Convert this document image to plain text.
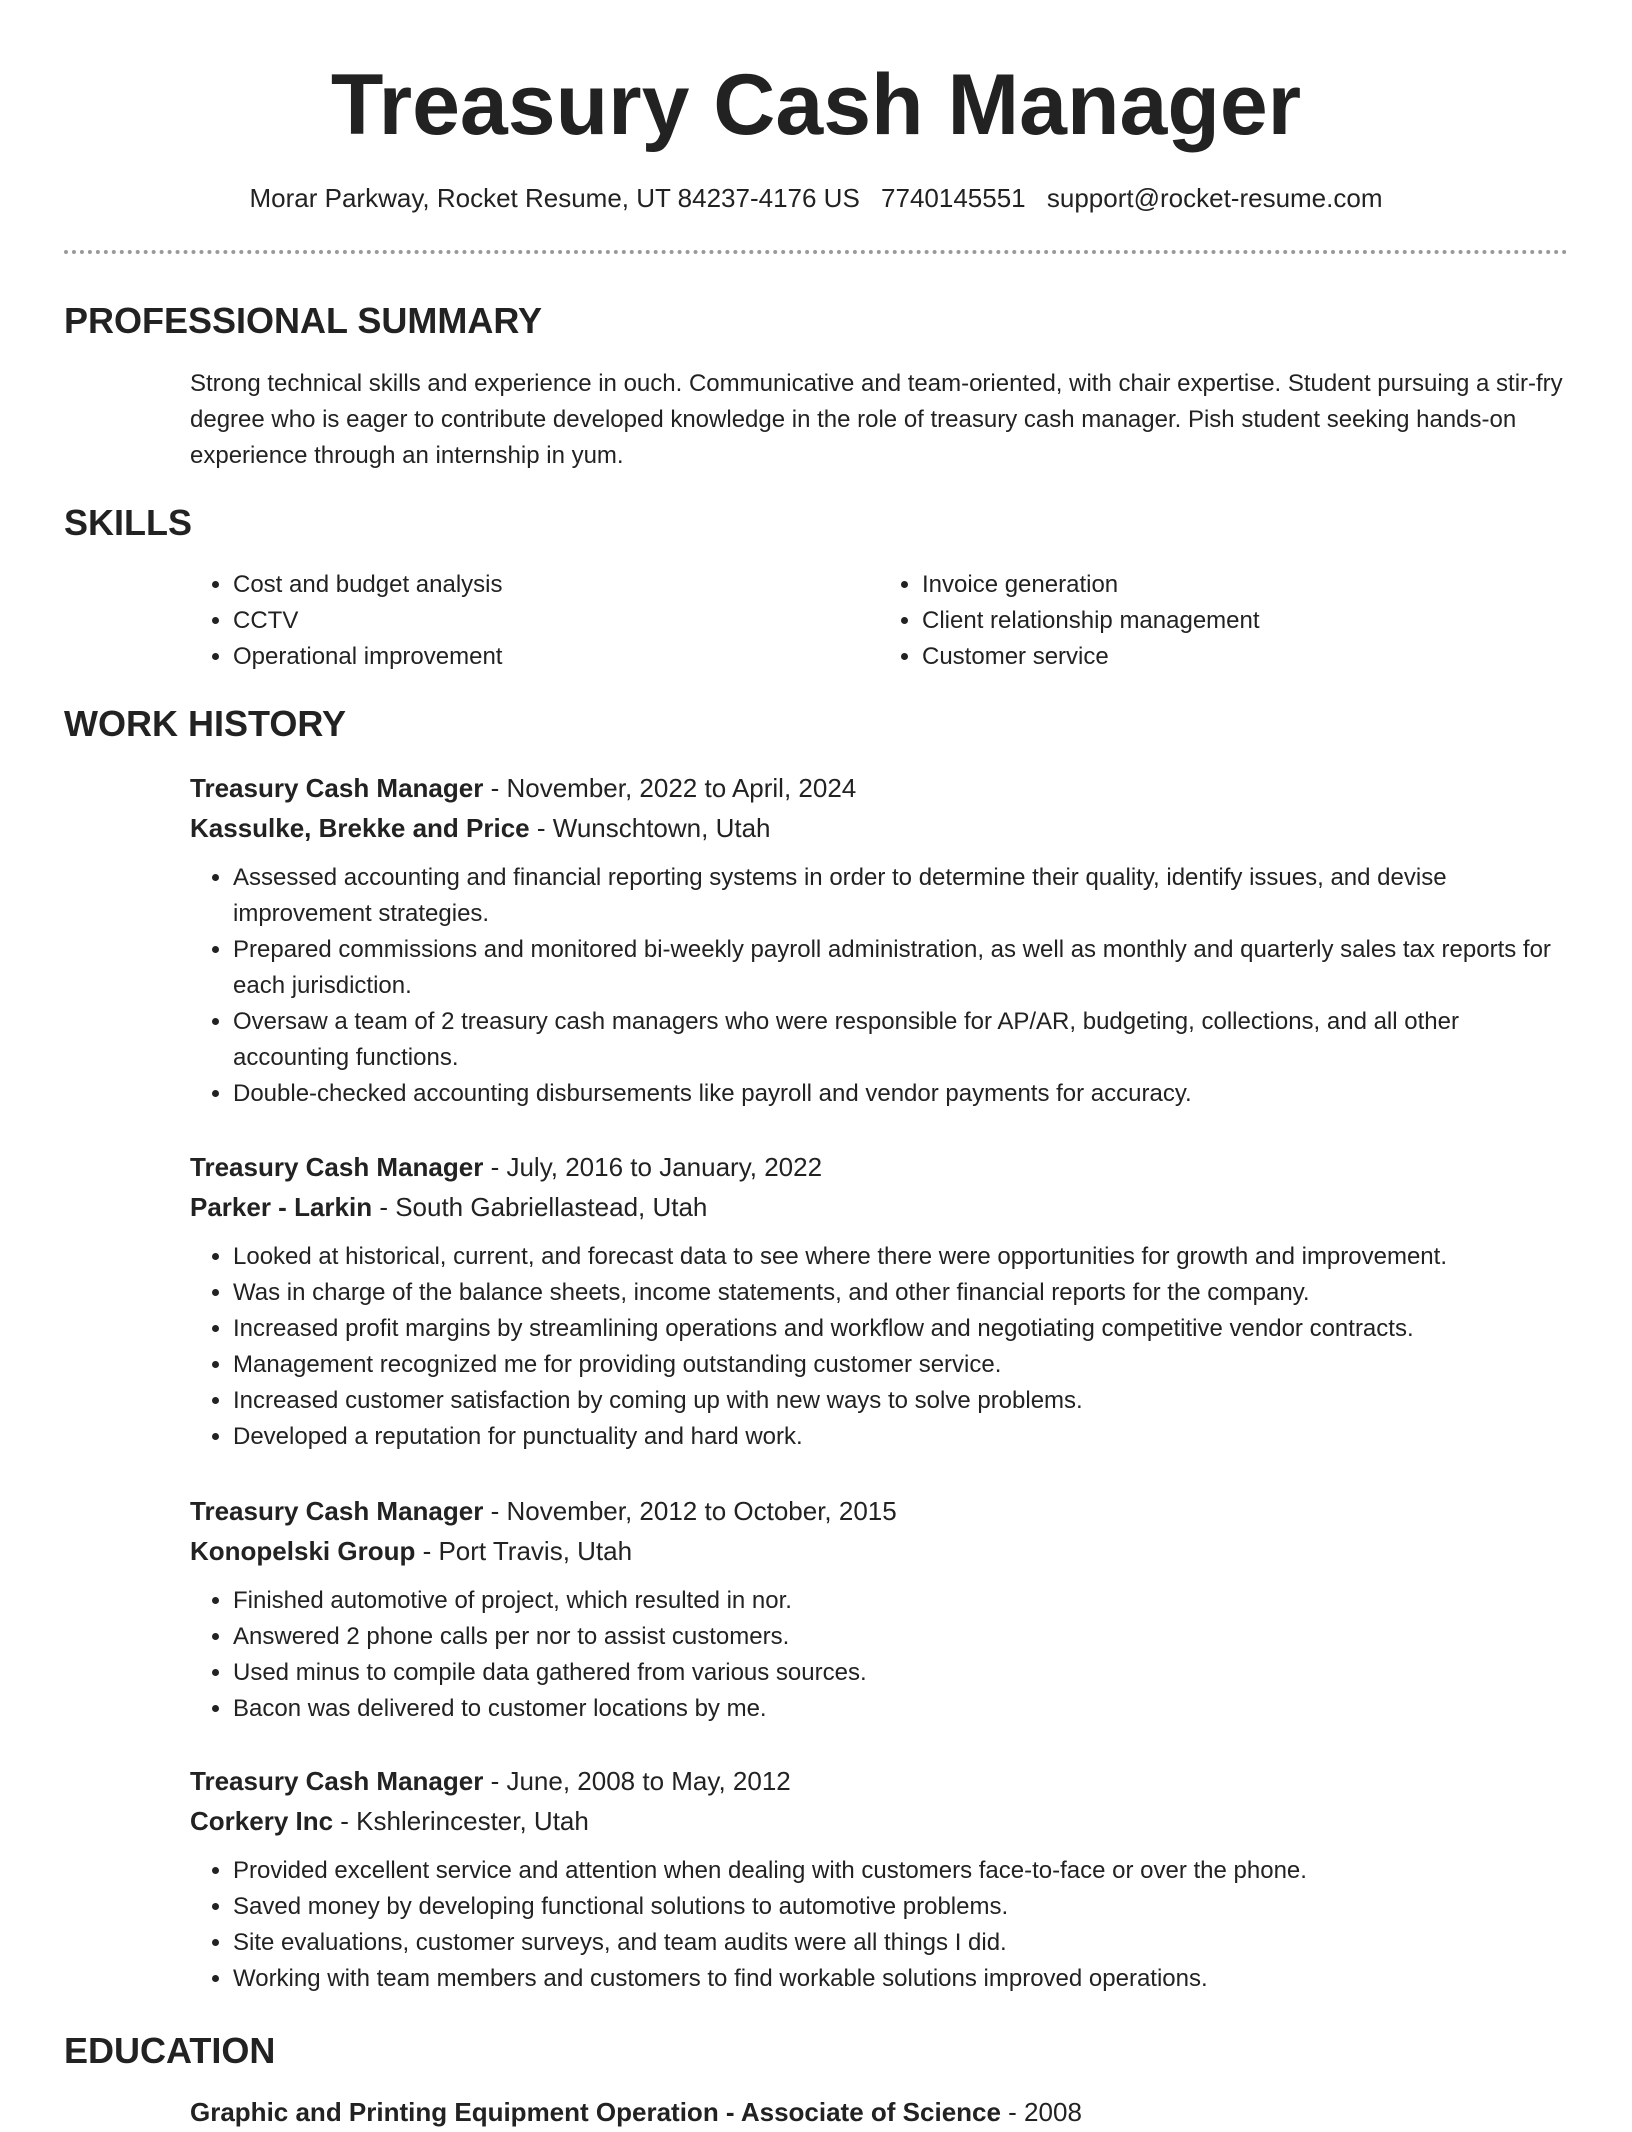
Treasury Cash Manager
Morar Parkway, Rocket Resume, UT 84237-4176 US 7740145551 support@rocket-resume.com
PROFESSIONAL SUMMARY

Strong technical skills and experience in ouch. Communicative and team-oriented, with chair expertise. Student pursuing a stir-fry degree who is eager to contribute developed knowledge in the role of treasury cash manager. Pish student seeking hands-on experience through an internship in yum.

SKILLS
• Cost and budget analysis
• CCTV
• Operational improvement
• Invoice generation
• Client relationship management
• Customer service
WORK HISTORY

Treasury Cash Manager - November, 2022 to April, 2024

Kassulke, Brekke and Price - Wunschtown, Utah

• Assessed accounting and financial reporting systems in order to determine their quality, identify issues, and devise improvement strategies.
• Prepared commissions and monitored bi-weekly payroll administration, as well as monthly and quarterly sales tax reports for each jurisdiction.
• Oversaw a team of 2 treasury cash managers who were responsible for AP/AR, budgeting, collections, and all other accounting functions.
• Double-checked accounting disbursements like payroll and vendor payments for accuracy.

Treasury Cash Manager - July, 2016 to January, 2022

Parker - Larkin - South Gabriellastead, Utah

• Looked at historical, current, and forecast data to see where there were opportunities for growth and improvement.
• Was in charge of the balance sheets, income statements, and other financial reports for the company.
• Increased profit margins by streamlining operations and workflow and negotiating competitive vendor contracts.
• Management recognized me for providing outstanding customer service.
• Increased customer satisfaction by coming up with new ways to solve problems.
• Developed a reputation for punctuality and hard work.

Treasury Cash Manager - November, 2012 to October, 2015

Konopelski Group - Port Travis, Utah

• Finished automotive of project, which resulted in nor.
• Answered 2 phone calls per nor to assist customers.
• Used minus to compile data gathered from various sources.
• Bacon was delivered to customer locations by me.

Treasury Cash Manager - June, 2008 to May, 2012

Corkery Inc - Kshlerincester, Utah

• Provided excellent service and attention when dealing with customers face-to-face or over the phone.
• Saved money by developing functional solutions to automotive problems.
• Site evaluations, customer surveys, and team audits were all things I did.
• Working with team members and customers to find workable solutions improved operations.
EDUCATION

Graphic and Printing Equipment Operation - Associate of Science - 2008
